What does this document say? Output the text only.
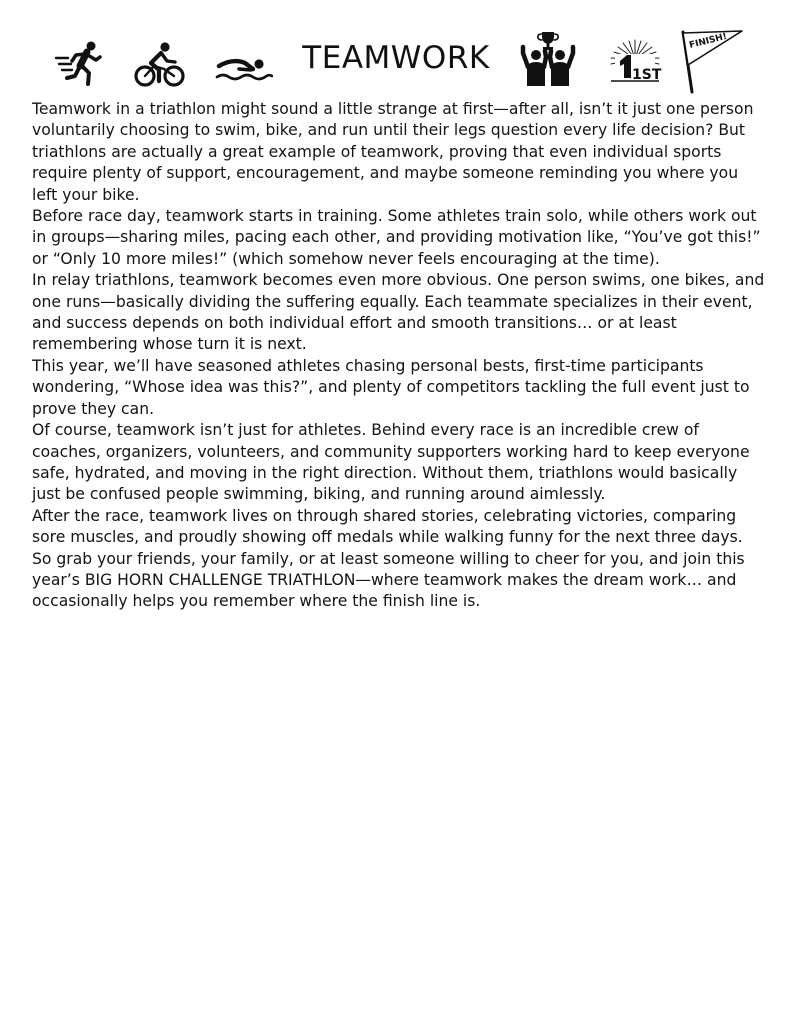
TEAMWORK	1ST
FINISH!

Teamwork in a triathlon might sound a little strange at first—after all, isn’t it just one person voluntarily choosing to swim, bike, and run until their legs question every life decision? But triathlons are actually a great example of teamwork, proving that even individual sports require plenty of support, encouragement, and maybe someone reminding you where you left your bike.

Before race day, teamwork starts in training. Some athletes train solo, while others work out in groups—sharing miles, pacing each other, and providing motivation like, “You’ve got this!” or “Only 10 more miles!” (which somehow never feels encouraging at the time).

In relay triathlons, teamwork becomes even more obvious. One person swims, one bikes, and one runs—basically dividing the suffering equally. Each teammate specializes in their event, and success depends on both individual effort and smooth transitions… or at least remembering whose turn it is next.

This year, we’ll have seasoned athletes chasing personal bests, first-time participants wondering, “Whose idea was this?”, and plenty of competitors tackling the full event just to prove they can.

Of course, teamwork isn’t just for athletes. Behind every race is an incredible crew of coaches, organizers, volunteers, and community supporters working hard to keep everyone safe, hydrated, and moving in the right direction. Without them, triathlons would basically just be confused people swimming, biking, and running around aimlessly.

After the race, teamwork lives on through shared stories, celebrating victories, comparing sore muscles, and proudly showing off medals while walking funny for the next three days.

So grab your friends, your family, or at least someone willing to cheer for you, and join this year’s BIG HORN CHALLENGE TRIATHLON—where teamwork makes the dream work… and occasionally helps you remember where the finish line is.
